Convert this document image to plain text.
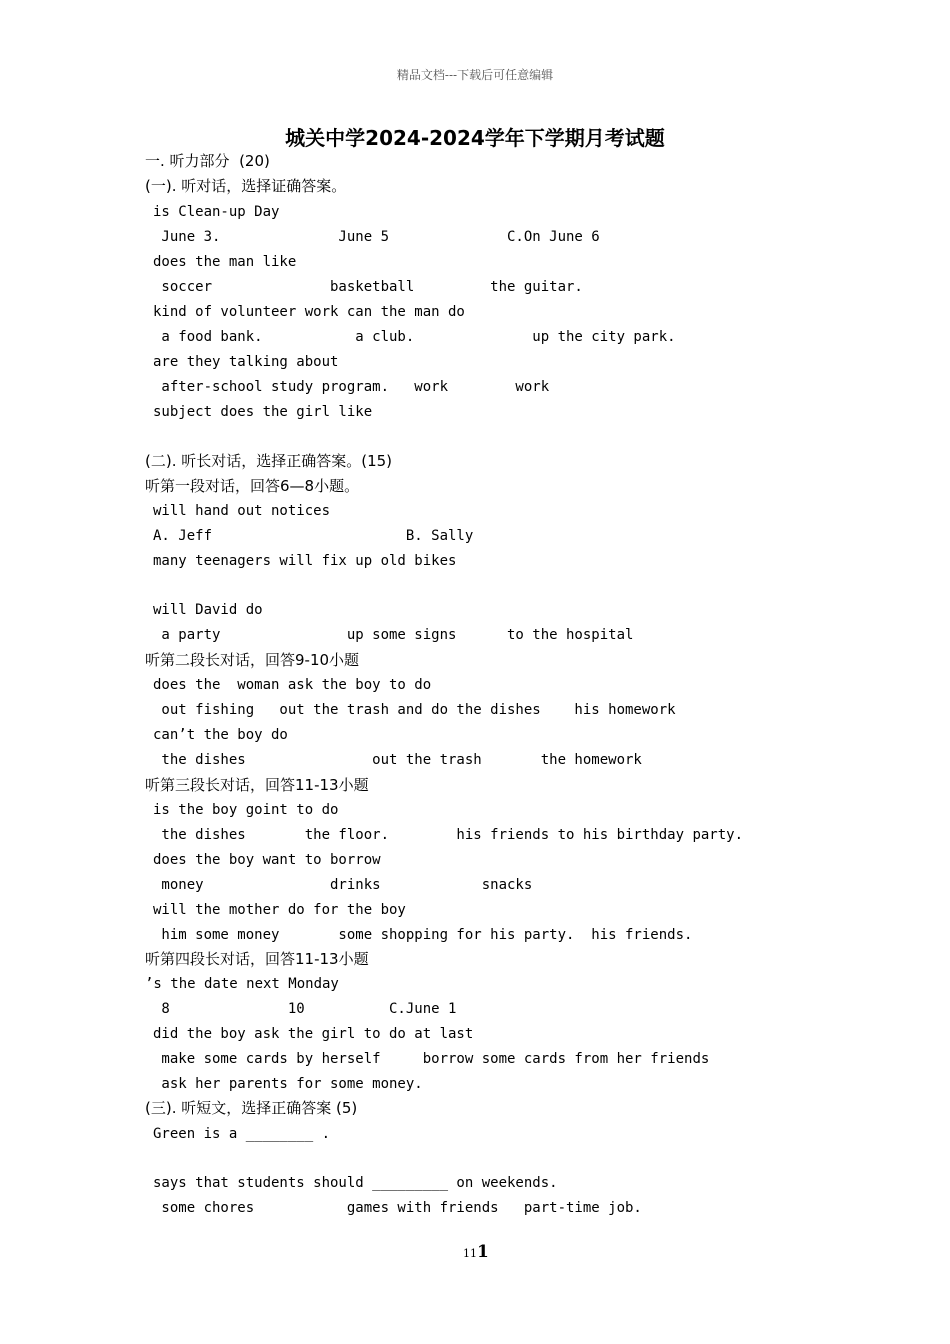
精品文档---下载后可任意编辑
城关中学2024-2024学年下学期月考试题
一. 听力部分  (20)
(一). 听对话，选择证确答案。
is Clean-up Day
June 3.              June 5              C.On June 6
does the man like
soccer              basketball         the guitar.
kind of volunteer work can the man do
a food bank.           a club.              up the city park.
are they talking about
after-school study program.   work        work
subject does the girl like
(二). 听长对话，选择正确答案。(15)
听第一段对话，回答6—8小题。
will hand out notices
A. Jeff                       B. Sally
many teenagers will fix up old bikes
will David do
a party               up some signs      to the hospital
听第二段长对话，回答9-10小题
does the  woman ask the boy to do
out fishing   out the trash and do the dishes    his homework
can’t the boy do
the dishes               out the trash       the homework
听第三段长对话，回答11-13小题
is the boy goint to do
the dishes       the floor.        his friends to his birthday party.
does the boy want to borrow
money               drinks            snacks
will the mother do for the boy
him some money       some shopping for his party.  his friends.
听第四段长对话，回答11-13小题
’s the date next Monday
8              10          C.June 1
did the boy ask the girl to do at last
make some cards by herself     borrow some cards from her friends
ask her parents for some money.
(三). 听短文，选择正确答案 (5)
Green is a ________ .
says that students should _________ on weekends.
some chores           games with friends   part-time job.
111
